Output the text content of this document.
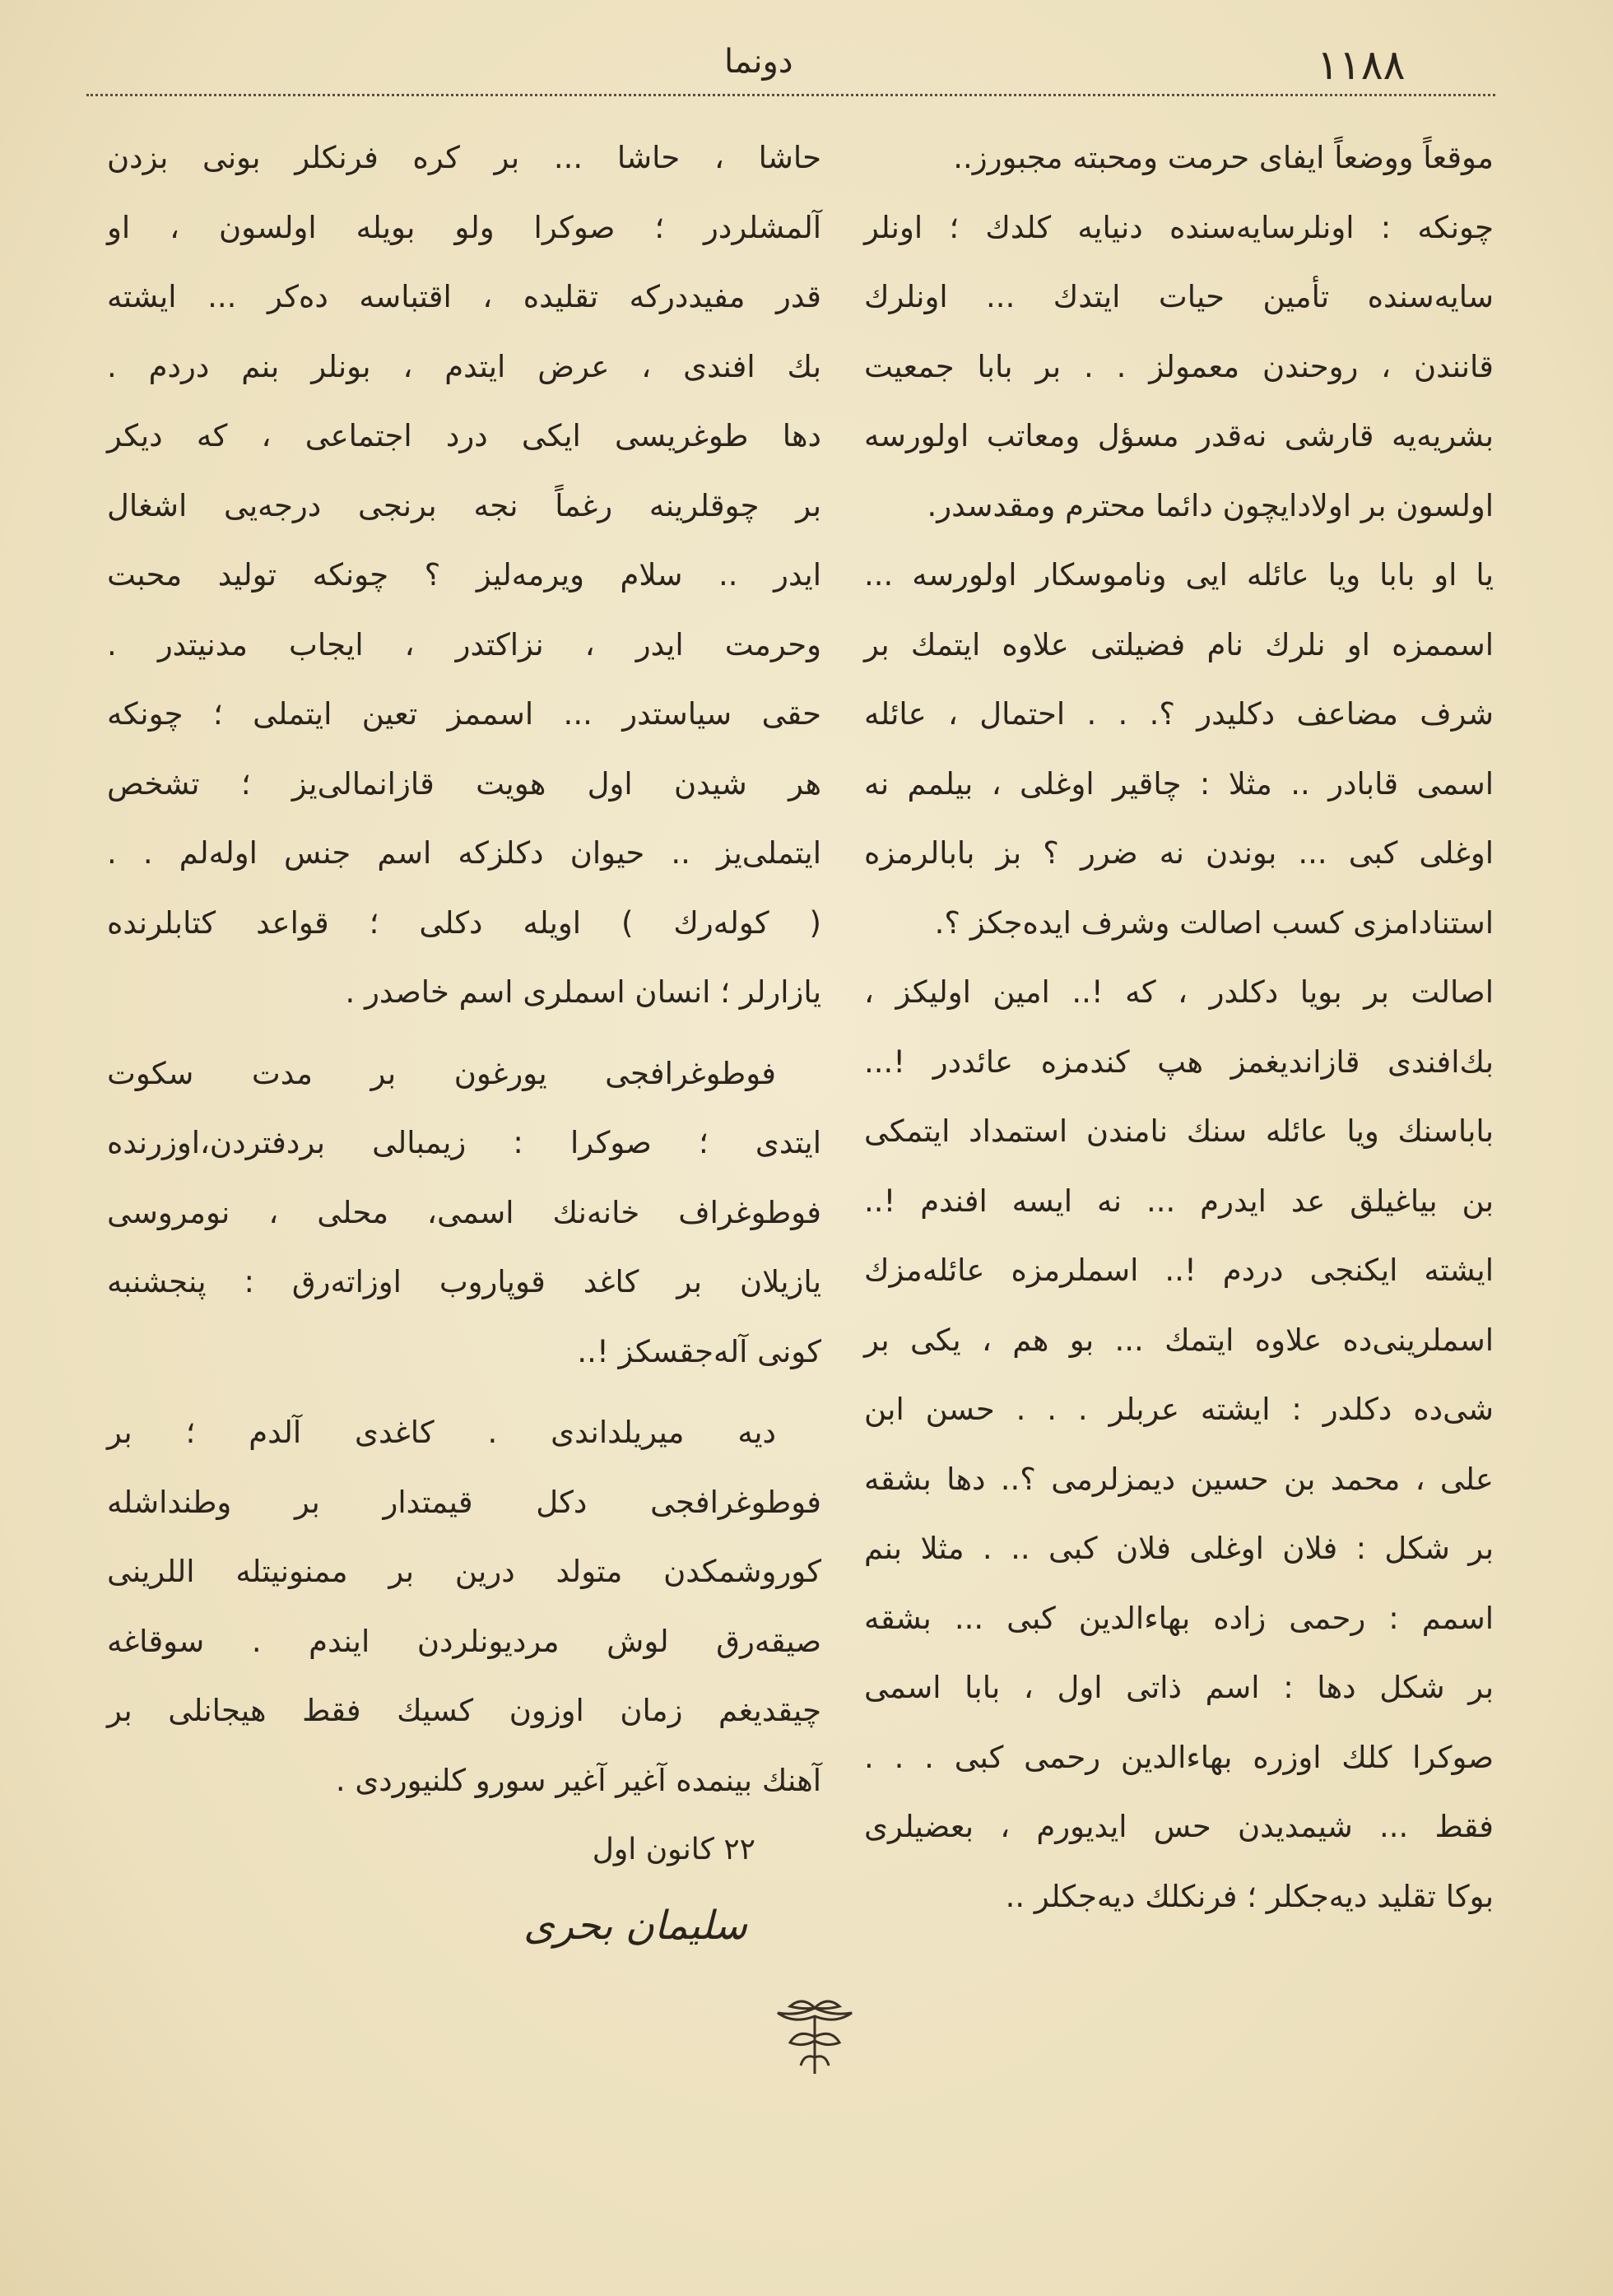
١١٨٨
دونما
موقعاً ووضعاً ایفای حرمت ومحبته مجبورز..
چونکه : اونلرسایه‌سنده دنیایه کلدك ؛ اونلر
سایه‌سنده تأمین حیات ایتدك ... اونلرك
قانندن ، روحندن معمولز . . بر بابا جمعیت
بشریه‌یه قارشی نه‌قدر مسؤل ومعاتب اولورسه
اولسون بر اولادایچون دائما محترم ومقدسدر.
یا او بابا ویا عائله ایی وناموسکار اولورسه ...
اسممزه او نلرك نام فضیلتی علاوه ایتمك بر
شرف مضاعف دکلیدر ؟. . . احتمال ، عائله
اسمی قابادر .. مثلا : چاقیر اوغلی ، بیلمم نه
اوغلی کبی ... بوندن نه ضرر ؟ بز بابالرمزه
استنادامزی کسب اصالت وشرف ایده‌جکز ؟.
اصالت بر بویا دکلدر ، که !.. امین اولیکز ،
بك‌افندی قازاندیغمز هپ کندمزه عائددر !...
باباسنك ویا عائله سنك نامندن استمداد ایتمکی
بن بیاغیلق عد ایدرم ... نه ایسه افندم !..
ایشته ایکنجی دردم !.. اسملرمزه عائله‌مزك
اسملرینی‌ده علاوه ایتمك ... بو هم ، یکی بر
شی‌ده دکلدر : ایشته عربلر . . . حسن ابن
علی ، محمد بن حسین دیمزلرمی ؟.. دها بشقه
بر شکل : فلان اوغلی فلان کبی .. . مثلا بنم
اسمم : رحمی زاده بهاءالدین کبی ... بشقه
بر شکل دها : اسم ذاتی اول ، بابا اسمی
صوکرا کلك اوزره بهاءالدین رحمی کبی . . .
فقط ... شیمدیدن حس ایدیورم ، بعضیلری
بوکا تقلید دیه‌جکلر ؛ فرنکلك دیه‌جکلر ..
حاشا ، حاشا ... بر کره فرنکلر بونی بزدن
آلمشلردر ؛ صوکرا ولو بویله اولسون ، او
قدر مفیددرکه تقلیده ، اقتباسه ده‌کر ... ایشته
بك افندی ، عرض ایتدم ، بونلر بنم دردم .
دها طوغریسی ایکی درد اجتماعی ، که دیکر
بر چوقلرینه رغماً نجه برنجی درجه‌یی اشغال
ایدر .. سلام ویرمه‌لیز ؟ چونکه تولید محبت
وحرمت ایدر ، نزاکتدر ، ایجاب مدنیتدر .
حقی سیاستدر ... اسممز تعین ایتملی ؛ چونکه
هر شیدن اول هویت قازانمالی‌یز ؛ تشخص
ایتملی‌یز .. حیوان دکلزکه اسم جنس اوله‌لم . .
( کوله‌رك ) اویله دکلی ؛ قواعد کتابلرنده
یازارلر ؛ انسان اسملری اسم خاصدر .
فوطوغرافجی یورغون بر مدت سکوت
ایتدی ؛ صوکرا : زیمبالی بردفتردن،اوزرنده
فوطوغراف خانه‌نك اسمی، محلی ، نومروسی
یازیلان بر کاغد قوپاروب اوزاته‌رق : پنجشنبه
کونی آله‌جقسکز !..
دیه میریلداندی . کاغدی آلدم ؛ بر
فوطوغرافجی دکل قیمتدار بر وطنداشله
کوروشمکدن متولد درین بر ممنونیتله اللرینی
صیقه‌رق لوش مردیونلردن ایندم . سوقاغه
چیقدیغم زمان اوزون کسیك فقط هیجانلی بر
آهنك بینمده آغیر آغیر سورو کلنیوردی .
۲۲ کانون اول
سلیمان بحری
